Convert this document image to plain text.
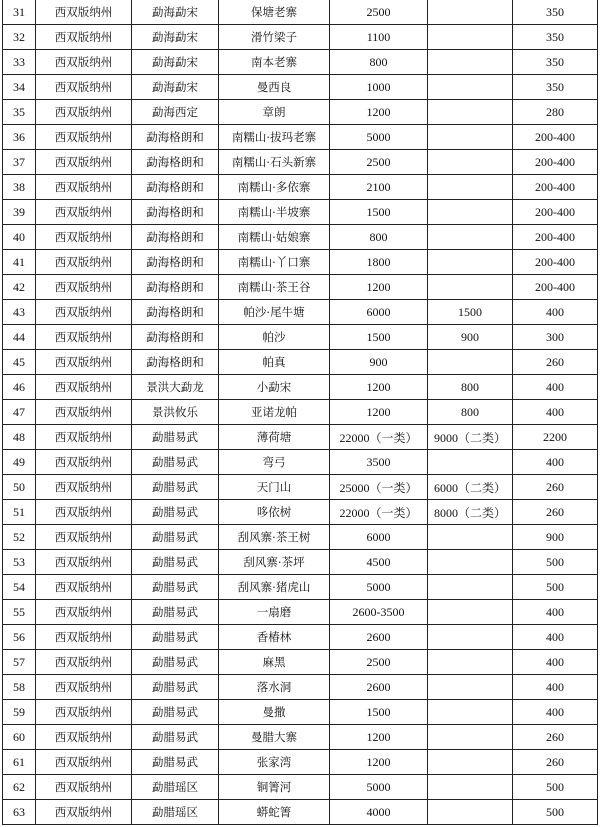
31	西双版纳州	勐海勐宋	保塘老寨	2500		350
32	西双版纳州	勐海勐宋	滑竹梁子	1100		350
33	西双版纳州	勐海勐宋	南本老寨	800		350
34	西双版纳州	勐海勐宋	曼西良	1000		350
35	西双版纳州	勐海西定	章朗	1200		280
36	西双版纳州	勐海格朗和	南糯山·拔玛老寨	5000		200-400
37	西双版纳州	勐海格朗和	南糯山·石头新寨	2500		200-400
38	西双版纳州	勐海格朗和	南糯山·多依寨	2100		200-400
39	西双版纳州	勐海格朗和	南糯山·半坡寨	1500		200-400
40	西双版纳州	勐海格朗和	南糯山·姑娘寨	800		200-400
41	西双版纳州	勐海格朗和	南糯山·丫口寨	1800		200-400
42	西双版纳州	勐海格朗和	南糯山·茶王谷	1200		200-400
43	西双版纳州	勐海格朗和	帕沙·尾牛塘	6000	1500	400
44	西双版纳州	勐海格朗和	帕沙	1500	900	300
45	西双版纳州	勐海格朗和	帕真	900		260
46	西双版纳州	景洪大勐龙	小勐宋	1200	800	400
47	西双版纳州	景洪攸乐	亚诺龙帕	1200	800	400
48	西双版纳州	勐腊易武	薄荷塘	22000（一类）	9000（二类）	2200
49	西双版纳州	勐腊易武	弯弓	3500		400
50	西双版纳州	勐腊易武	天门山	25000（一类）	6000（二类）	260
51	西双版纳州	勐腊易武	哆依树	22000（一类）	8000（二类）	260
52	西双版纳州	勐腊易武	刮风寨·茶王树	6000		900
53	西双版纳州	勐腊易武	刮风寨·茶坪	4500		500
54	西双版纳州	勐腊易武	刮风寨·猪虎山	5000		500
55	西双版纳州	勐腊易武	一扇磨	2600-3500		400
56	西双版纳州	勐腊易武	香椿林	2600		400
57	西双版纳州	勐腊易武	麻黑	2500		400
58	西双版纳州	勐腊易武	落水洞	2600		400
59	西双版纳州	勐腊易武	曼撒	1500		400
60	西双版纳州	勐腊易武	曼腊大寨	1200		260
61	西双版纳州	勐腊易武	张家湾	1200		260
62	西双版纳州	勐腊瑶区	铜箐河	5000		500
63	西双版纳州	勐腊瑶区	蟒蛇箐	4000		500
